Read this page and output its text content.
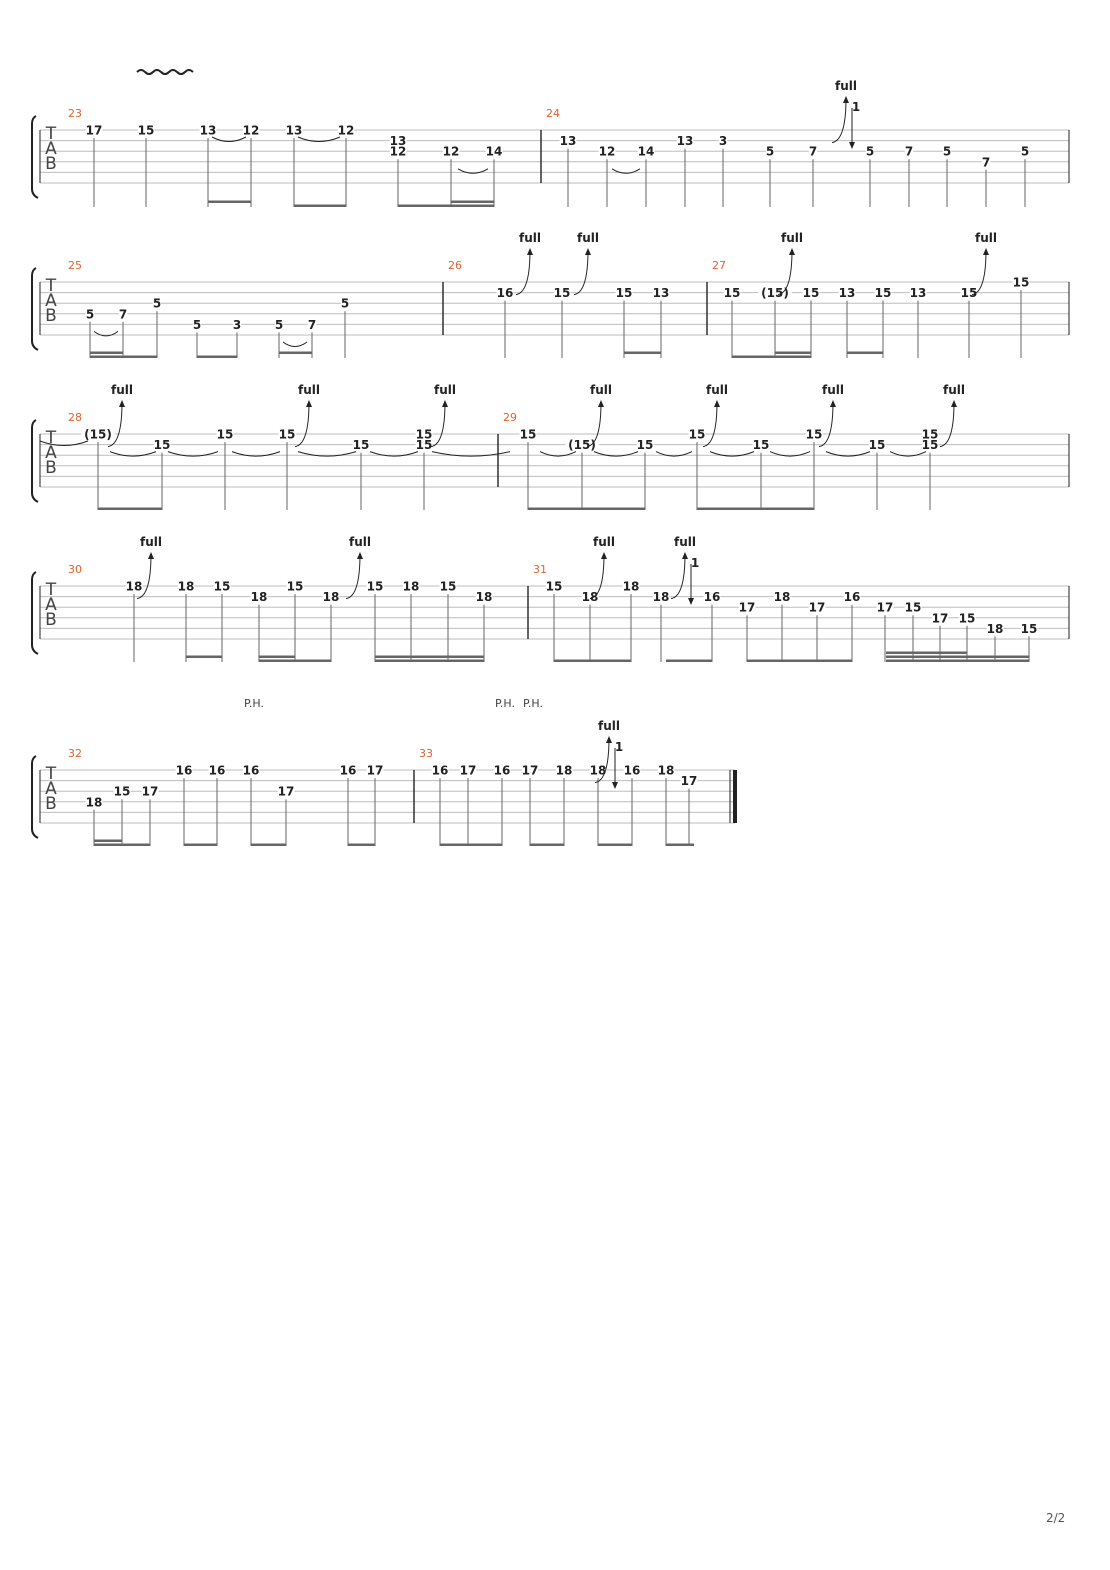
T
A
B
23
17	15	13 12 13	12
13
12	12 14
24
13
12 14
13 3
5	7	5	7 5
7
5
full
1
T
A
B
25
5 7
5
5	3	5 7
5
26
16	15	15 13
full	full
27
15 (15) 15 13 15 13	15
15
full	full
T
A
B
28
(15)
15
15	15
15
15
15
full	full	full
29
15
(15)	15
15
15
15
15
15
15
full	full	full	full
T
A
B
30
18	18 15
18
15
18
15 18 15
18
full	full
31
15
18
18
18	16
17
18
17
16
17 15
17 15
18 15
full	full
1
T
A
B
32
18
15 17
16 16 16
17
16 17
P.H.
33
16 17 16 17 18 18 16 18
17
full
1
P.H. P.H.
2/2
